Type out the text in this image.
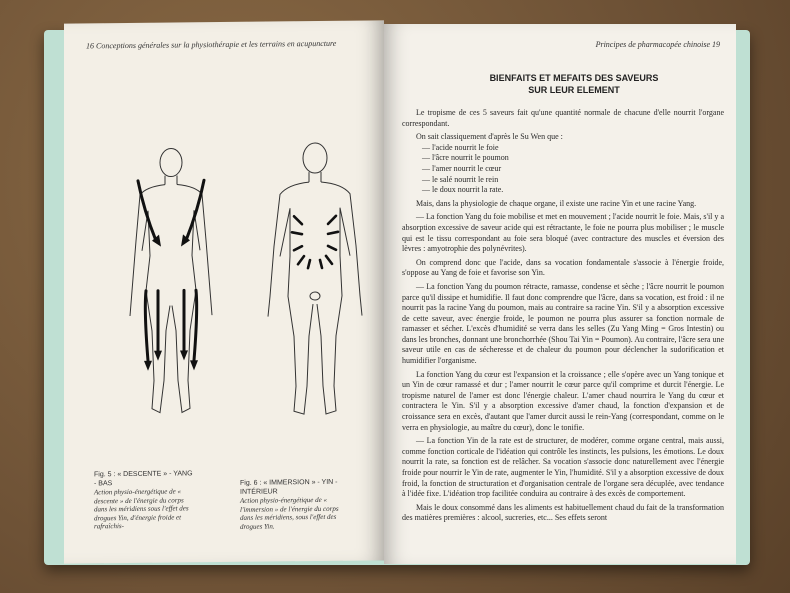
16 Conceptions générales sur la physiothérapie et les terrains en acupuncture
Fig. 5 : « DESCENTE » - YANG - BAS
Action physio-énergétique de « descente » de l'énergie du corps dans les méridiens sous l'effet des drogues Yin, d'énergie froide et rafraîchis-
Fig. 6 : « IMMERSION » - YIN - INTÉRIEUR
Action physio-énergétique de « l'immersion » de l'énergie du corps dans les méridiens, sous l'effet des drogues Yin.
Principes de pharmacopée chinoise 19
BIENFAITS ET MEFAITS DES SAVEURS
SUR LEUR ELEMENT

Le tropisme de ces 5 saveurs fait qu'une quantité normale de chacune d'elle nourrit l'organe correspondant.

On sait classiquement d'après le Su Wen que :

— l'acide nourrit le foie

— l'âcre nourrit le poumon

— l'amer nourrit le cœur

— le salé nourrit le rein

— le doux nourrit la rate.

Mais, dans la physiologie de chaque organe, il existe une racine Yin et une racine Yang.

— La fonction Yang du foie mobilise et met en mouvement ; l'acide nourrit le foie. Mais, s'il y a absorption excessive de saveur acide qui est rétractante, le foie ne pourra plus mobiliser ; le muscle qui est le tissu correspondant au foie sera bloqué (avec contracture des muscles et éversion des lèvres : amyotrophie des polynévrites).

On comprend donc que l'acide, dans sa vocation fondamentale s'associe à l'énergie froide, s'oppose au Yang de foie et favorise son Yin.

— La fonction Yang du poumon rétracte, ramasse, condense et sèche ; l'âcre nourrit le poumon parce qu'il dissipe et humidifie. Il faut donc comprendre que l'âcre, dans sa vocation, est froid : il ne nourrit pas la racine Yang du poumon, mais au contraire sa racine Yin. S'il y a absorption excessive de cette saveur, avec énergie froide, le poumon ne pourra plus assurer sa fonction normale de ramasser et sécher. L'excès d'humidité se verra dans les selles (Zu Yang Ming = Gros Intestin) ou dans les bronches, donnant une bronchorrhée (Shou Tai Yin = Poumon). Au contraire, l'âcre sera une saveur utile en cas de sécheresse et de chaleur du poumon pour déclencher la sudorification et humidifier l'organisme.

La fonction Yang du cœur est l'expansion et la croissance ; elle s'opère avec un Yang tonique et un Yin de cœur ramassé et dur ; l'amer nourrit le cœur parce qu'il comprime et durcit l'énergie. Le tropisme naturel de l'amer est donc l'énergie chaleur. L'amer chaud nourrira le Yang du cœur et contractera le Yin. S'il y a absorption excessive d'amer chaud, la fonction d'expansion et de croissance sera en excès, d'autant que l'amer durcit aussi le rein-Yang (correspondant, comme on le verra en physiologie, au maître du cœur), donc le tonifie.

— La fonction Yin de la rate est de structurer, de modérer, comme organe central, mais aussi, comme fonction corticale de l'idéation qui contrôle les instincts, les pulsions, les émotions. Le doux nourrit la rate, sa fonction est de relâcher. Sa vocation s'associe donc naturellement avec l'énergie froide pour nourrir le Yin de rate, augmenter le Yin, l'humidité. S'il y a absorption excessive de doux froid, la fonction de structuration et d'organisation centrale de l'organe sera décuplée, avec tendance à l'idée fixe. L'idéation trop facilitée conduira au contraire à des excès de comportement.

Mais le doux consommé dans les aliments est habituellement chaud du fait de la transformation des matières premières : alcool, sucreries, etc... Ses effets seront
